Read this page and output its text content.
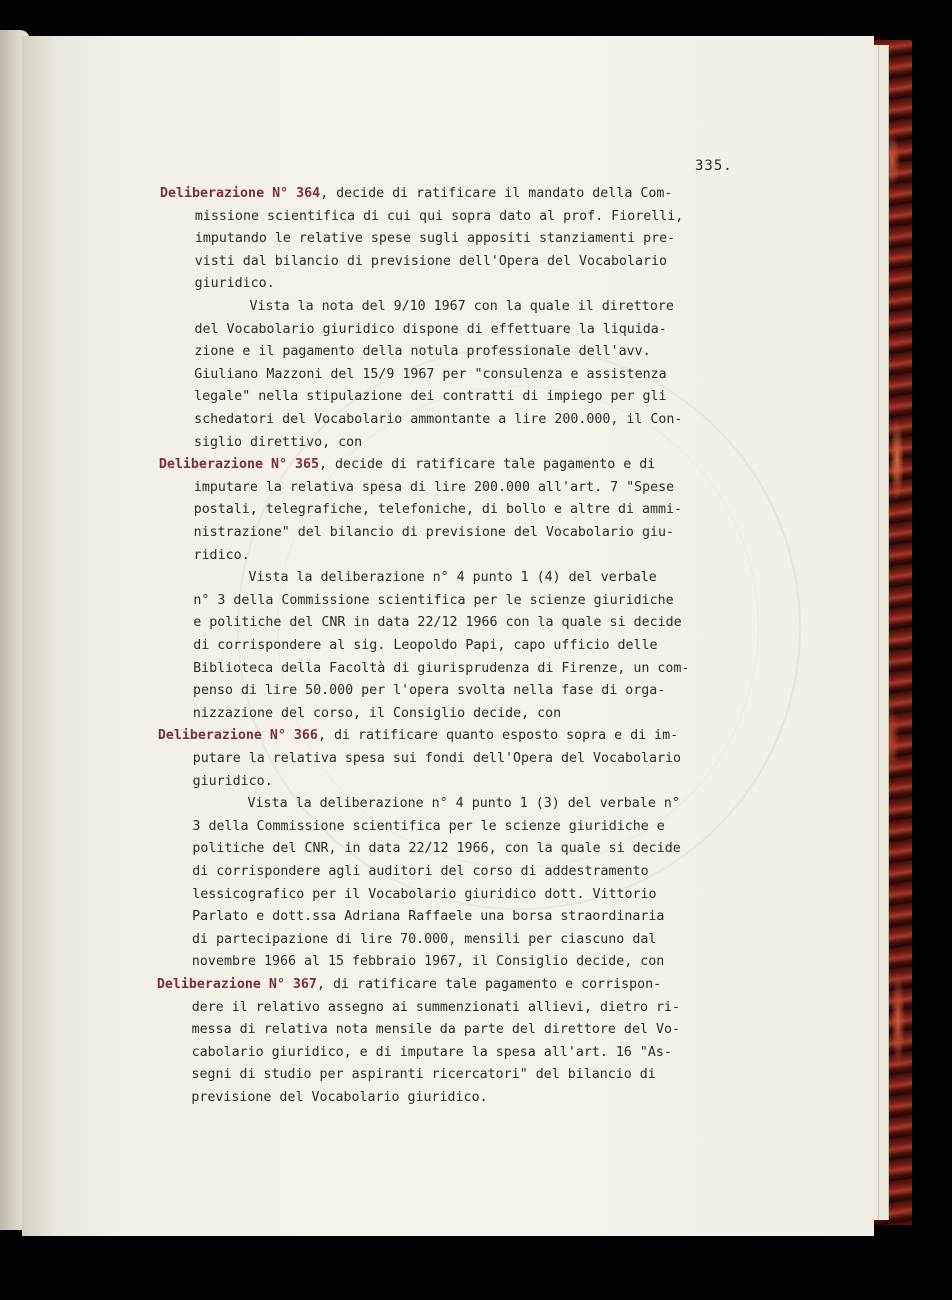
335.
Deliberazione N° 364, decide di ratificare il mandato della Com-
missione scientifica di cui qui sopra dato al prof. Fiorelli,
imputando le relative spese sugli appositi stanziamenti pre-
visti dal bilancio di previsione dell'Opera del Vocabolario
giuridico.
Vista la nota del 9/10 1967 con la quale il direttore
del Vocabolario giuridico dispone di effettuare la liquida-
zione e il pagamento della notula professionale dell'avv.
Giuliano Mazzoni del 15/9 1967 per "consulenza e assistenza
legale" nella stipulazione dei contratti di impiego per gli
schedatori del Vocabolario ammontante a lire 200.000, il Con-
siglio direttivo, con
Deliberazione N° 365, decide di ratificare tale pagamento e di
imputare la relativa spesa di lire 200.000 all'art. 7 "Spese
postali, telegrafiche, telefoniche, di bollo e altre di ammi-
nistrazione" del bilancio di previsione del Vocabolario giu-
ridico.
Vista la deliberazione n° 4 punto 1 (4) del verbale
n° 3 della Commissione scientifica per le scienze giuridiche
e politiche del CNR in data 22/12 1966 con la quale si decide
di corrispondere al sig. Leopoldo Papi, capo ufficio delle
Biblioteca della Facoltà di giurisprudenza di Firenze, un com-
penso di lire 50.000 per l'opera svolta nella fase di orga-
nizzazione del corso, il Consiglio decide, con
Deliberazione N° 366, di ratificare quanto esposto sopra e di im-
putare la relativa spesa sui fondi dell'Opera del Vocabolario
giuridico.
Vista la deliberazione n° 4 punto 1 (3) del verbale n°
3 della Commissione scientifica per le scienze giuridiche e
politiche del CNR, in data 22/12 1966, con la quale si decide
di corrispondere agli auditori del corso di addestramento
lessicografico per il Vocabolario giuridico dott. Vittorio
Parlato e dott.ssa Adriana Raffaele una borsa straordinaria
di partecipazione di lire 70.000, mensili per ciascuno dal
novembre 1966 al 15 febbraio 1967, il Consiglio decide, con
Deliberazione N° 367, di ratificare tale pagamento e corrispon-
dere il relativo assegno ai summenzionati allievi, dietro ri-
messa di relativa nota mensile da parte del direttore del Vo-
cabolario giuridico, e di imputare la spesa all'art. 16 "As-
segni di studio per aspiranti ricercatori" del bilancio di
previsione del Vocabolario giuridico.
